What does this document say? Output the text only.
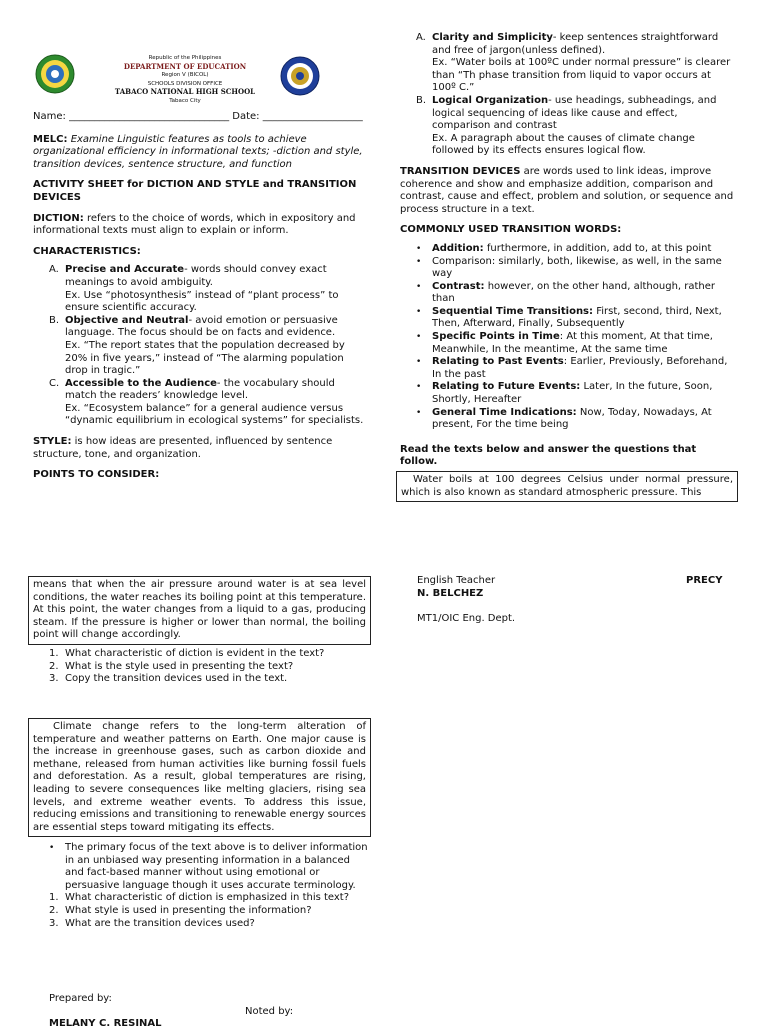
Republic of the Philippines
DEPARTMENT OF EDUCATION
Region V (BICOL)
SCHOOLS DIVISION OFFICE
TABACO NATIONAL HIGH SCHOOL
Tabaco City
Name: ________________________________ Date: ____________________

MELC: Examine Linguistic features as tools to achieve organizational efficiency in informational texts; -diction and style, transition devices, sentence structure, and function

ACTIVITY SHEET for DICTION AND STYLE and TRANSITION DEVICES

DICTION: refers to the choice of words, which in expository and informational texts must align to explain or inform.

CHARACTERISTICS:

A. Precise and Accurate- words should convey exact meanings to avoid ambiguity.
Ex. Use “photosynthesis” instead of “plant process” to ensure scientific accuracy.
B. Objective and Neutral- avoid emotion or persuasive language. The focus should be on facts and evidence.
Ex. “The report states that the population decreased by 20% in five years,” instead of “The alarming population drop in tragic.”
C. Accessible to the Audience- the vocabulary should match the readers’ knowledge level.
Ex. “Ecosystem balance” for a general audience versus “dynamic equilibrium in ecological systems” for specialists.

STYLE: is how ideas are presented, influenced by sentence structure, tone, and organization.

POINTS TO CONSIDER:

A. Clarity and Simplicity- keep sentences straightforward and free of jargon(unless defined).
Ex. “Water boils at 100ºC under normal pressure” is clearer than “Th phase transition from liquid to vapor occurs at 100º C.”
B. Logical Organization- use headings, subheadings, and logical sequencing of ideas like cause and effect, comparison and contrast
Ex. A paragraph about the causes of climate change followed by its effects ensures logical flow.

TRANSITION DEVICES are words used to link ideas, improve coherence and show and emphasize addition, comparison and contrast, cause and effect, problem and solution, or sequence and process structure in a text.

COMMONLY USED TRANSITION WORDS:

• Addition: furthermore, in addition, add to, at this point
• Comparison: similarly, both, likewise, as well, in the same way
• Contrast: however, on the other hand, although, rather than
• Sequential Time Transitions: First, second, third, Next, Then, Afterward, Finally, Subsequently
• Specific Points in Time: At this moment, At that time, Meanwhile, In the meantime, At the same time
• Relating to Past Events: Earlier, Previously, Beforehand, In the past
• Relating to Future Events: Later, In the future, Soon, Shortly, Hereafter
• General Time Indications: Now, Today, Nowadays, At present, For the time being

Read the texts below and answer the questions that follow.

Water boils at 100 degrees Celsius under normal pressure, which is also known as standard atmospheric pressure. This
means that when the air pressure around water is at sea level conditions, the water reaches its boiling point at this temperature. At this point, the water changes from a liquid to a gas, producing steam. If the pressure is higher or lower than normal, the boiling point will change accordingly.
1. What characteristic of diction is evident in the text?
2. What is the style used in presenting the text?
3. Copy the transition devices used in the text.
Climate change refers to the long-term alteration of temperature and weather patterns on Earth. One major cause is the increase in greenhouse gases, such as carbon dioxide and methane, released from human activities like burning fossil fuels and deforestation. As a result, global temperatures are rising, leading to severe consequences like melting glaciers, rising sea levels, and extreme weather events. To address this issue, reducing emissions and transitioning to renewable energy sources are essential steps toward mitigating its effects.
• The primary focus of the text above is to deliver information in an unbiased way presenting information in a balanced and fact-based manner without using emotional or persuasive language though it uses accurate terminology.
1. What characteristic of diction is emphasized in this text?
2. What style is used in presenting the information?
3. What are the transition devices used?
Prepared by:
Noted by:
MELANY C. RESINAL
English Teacher	PRECY
N. BELCHEZ
MT1/OIC Eng. Dept.
